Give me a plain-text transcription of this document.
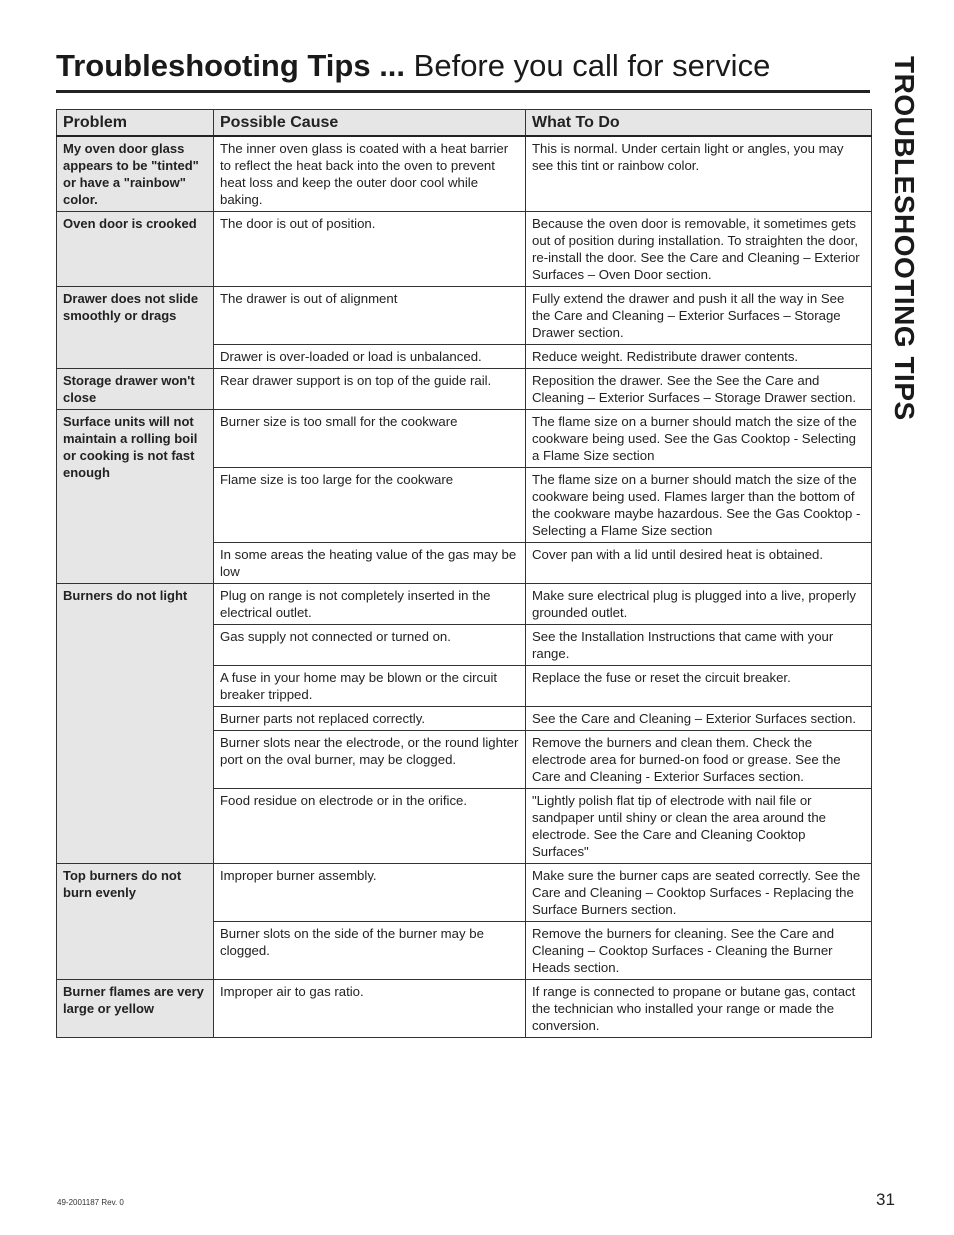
Troubleshooting Tips ... Before you call for service	TROUBLESHOOTING TIPS
Problem	Possible Cause	What To Do
My oven door glass appears to be "tinted" or have a "rainbow" color.	The inner oven glass is coated with a heat barrier to reflect the heat back into the oven to prevent heat loss and keep the outer door cool while baking.	This is normal. Under certain light or angles, you may see this tint or rainbow color.
Oven door is crooked	The door is out of position.	Because the oven door is removable, it sometimes gets out of position during installation. To straighten the door, re-install the door. See the Care and Cleaning – Exterior Surfaces – Oven Door section.
Drawer does not slide smoothly or drags	The drawer is out of alignment	Fully extend the drawer and push it all the way in See the Care and Cleaning – Exterior Surfaces – Storage Drawer section.
	Drawer is over-loaded or load is unbalanced.	Reduce weight. Redistribute drawer contents.
Storage drawer won't close	Rear drawer support is on top of the guide rail.	Reposition the drawer. See the See the Care and Cleaning – Exterior Surfaces – Storage Drawer section.
Surface units will not maintain a rolling boil or cooking is not fast enough	Burner size is too small for the cookware	The flame size on a burner should match the size of the cookware being used. See the Gas Cooktop - Selecting a Flame Size section
	Flame size is too large for the cookware	The flame size on a burner should match the size of the cookware being used. Flames larger than the bottom of the cookware maybe hazardous. See the Gas Cooktop - Selecting a Flame Size section
	In some areas the heating value of the gas may be low	Cover pan with a lid until desired heat is obtained.
Burners do not light	Plug on range is not completely inserted in the electrical outlet.	Make sure electrical plug is plugged into a live, properly grounded outlet.
	Gas supply not connected or turned on.	See the Installation Instructions that came with your range.
	A fuse in your home may be blown or the circuit breaker tripped.	Replace the fuse or reset the circuit breaker.
	Burner parts not replaced correctly.	See the Care and Cleaning – Exterior Surfaces section.
	Burner slots near the electrode, or the round lighter port on the oval burner, may be clogged.	Remove the burners and clean them. Check the electrode area for burned-on food or grease. See the Care and Cleaning - Exterior Surfaces section.
	Food residue on electrode or in the orifice.	"Lightly polish flat tip of electrode with nail file or sandpaper until shiny or clean the area around the electrode. See the Care and Cleaning Cooktop Surfaces"
Top burners do not burn evenly	Improper burner assembly.	Make sure the burner caps are seated correctly. See the Care and Cleaning – Cooktop Surfaces - Replacing the Surface Burners section.
	Burner slots on the side of the burner may be clogged.	Remove the burners for cleaning. See the Care and Cleaning – Cooktop Surfaces - Cleaning the Burner Heads section.
Burner flames are very large or yellow	Improper air to gas ratio.	If range is connected to propane or butane gas, contact the technician who installed your range or made the conversion.
49-2001187 Rev. 0	31
